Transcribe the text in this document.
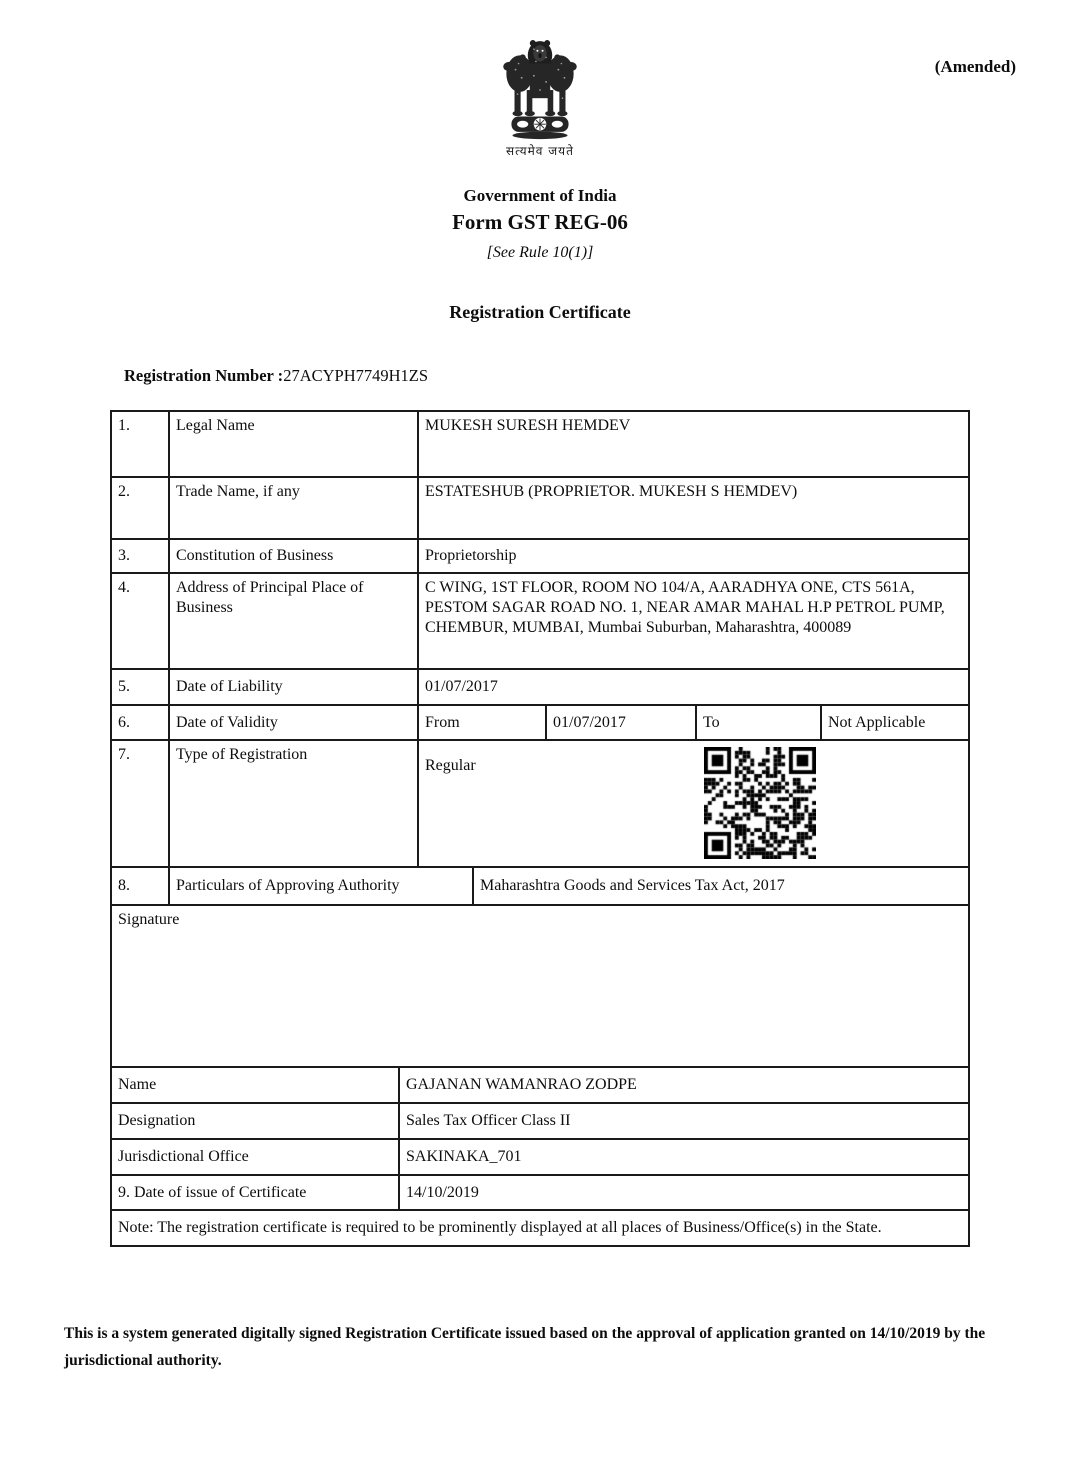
(Amended)
सत्यमेव जयते
Government of India
Form GST REG-06
[See Rule 10(1)]
Registration Certificate
Registration Number :27ACYPH7749H1ZS
1.	Legal Name		MUKESH SURESH HEMDEV				
2.	Trade Name, if any		ESTATESHUB (PROPRIETOR. MUKESH S HEMDEV)				
3.	Constitution of Business		Proprietorship				
4.	Address of Principal Place of Business		C WING, 1ST FLOOR, ROOM NO 104/A, AARADHYA ONE, CTS 561A, PESTOM SAGAR ROAD NO. 1, NEAR AMAR MAHAL H.P PETROL PUMP, CHEMBUR, MUMBAI, Mumbai Suburban, Maharashtra, 400089				
5.	Date of Liability		01/07/2017				
6.	Date of Validity		From		01/07/2017	To	Not Applicable
7.	Type of Registration		Regular				

8.	Particulars of Approving Authority			Maharashtra Goods and Services Tax Act, 2017			
Signature							
Name		GAJANAN WAMANRAO ZODPE					
Designation		Sales Tax Officer Class II					
Jurisdictional Office		SAKINAKA_701					
9. Date of issue of Certificate		14/10/2019					
Note: The registration certificate is required to be prominently displayed at all places of Business/Office(s) in the State.							
This is a system generated digitally signed Registration Certificate issued based on the approval of application granted on 14/10/2019 by the jurisdictional authority.
